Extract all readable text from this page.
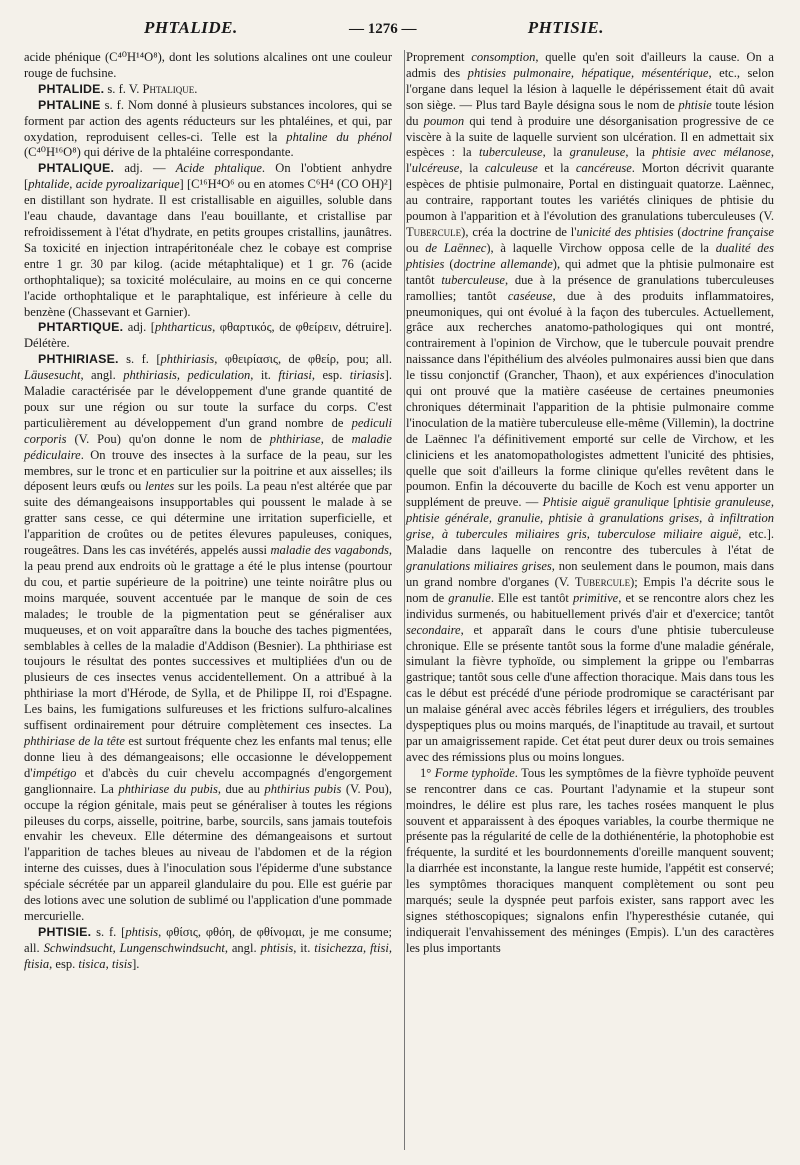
PHTALIDE.	— 1276 —	PHTISIE.

acide phénique (C⁴⁰H¹⁴O⁸), dont les solutions alcalines ont une couleur rouge de fuchsine.

PHTALIDE. s. f. V. Phtalique.

PHTALINE s. f. Nom donné à plusieurs substances incolores, qui se forment par action des agents réducteurs sur les phtaléines, et qui, par oxydation, reproduisent celles-ci. Telle est la phtaline du phénol (C⁴⁰H¹⁶O⁸) qui dérive de la phtaléine correspondante.

PHTALIQUE. adj. — Acide phtalique. On l'obtient anhydre [phtalide, acide pyroalizarique] [C¹⁶H⁴O⁶ ou en atomes C⁶H⁴ (CO OH)²] en distillant son hydrate. Il est cristallisable en aiguilles, soluble dans l'eau chaude, davantage dans l'eau bouillante, et cristallise par refroidissement à l'état d'hydrate, en petits groupes cristallins, jaunâtres. Sa toxicité en injection intrapéritonéale chez le cobaye est comprise entre 1 gr. 30 par kilog. (acide métaphtalique) et 1 gr. 76 (acide orthophtalique); sa toxicité moléculaire, au moins en ce qui concerne l'acide orthophtalique et le paraphtalique, est inférieure à celle du benzène (Chassevant et Garnier).

PHTARTIQUE. adj. [phtharticus, φθαρτικός, de φθείρειν, détruire]. Délétère.

PHTHIRIASE. s. f. [phthiriasis, φθειρίασις, de φθείρ, pou; all. Läusesucht, angl. phthiriasis, pediculation, it. ftiriasi, esp. tiriasis]. Maladie caractérisée par le développement d'une grande quantité de poux sur une région ou sur toute la surface du corps. C'est particulièrement au développement d'un grand nombre de pediculi corporis (V. Pou) qu'on donne le nom de phthiriase, de maladie pédiculaire. On trouve des insectes à la surface de la peau, sur les membres, sur le tronc et en particulier sur la poitrine et aux aisselles; ils déposent leurs œufs ou lentes sur les poils. La peau n'est altérée que par suite des démangeaisons insupportables qui poussent le malade à se gratter sans cesse, ce qui détermine une irritation superficielle, et l'apparition de croûtes ou de petites élevures papuleuses, coniques, rougeâtres. Dans les cas invétérés, appelés aussi maladie des vagabonds, la peau prend aux endroits où le grattage a été le plus intense (pourtour du cou, et partie supérieure de la poitrine) une teinte noirâtre plus ou moins marquée, souvent accentuée par le manque de soin de ces malades; le trouble de la pigmentation peut se généraliser aux muqueuses, et on voit apparaître dans la bouche des taches pigmentées, semblables à celles de la maladie d'Addison (Besnier). La phthiriase est toujours le résultat des pontes successives et multipliées d'un ou de plusieurs de ces insectes venus accidentellement. On a attribué à la phthiriase la mort d'Hérode, de Sylla, et de Philippe II, roi d'Espagne. Les bains, les fumigations sulfureuses et les frictions sulfuro-alcalines suffisent ordinairement pour détruire complètement ces insectes. La phthiriase de la tête est surtout fréquente chez les enfants mal tenus; elle donne lieu à des démangeaisons; elle occasionne le développement d'impétigo et d'abcès du cuir chevelu accompagnés d'engorgement ganglionnaire. La phthiriase du pubis, due au phthirius pubis (V. Pou), occupe la région génitale, mais peut se généraliser à toutes les régions pileuses du corps, aisselle, poitrine, barbe, sourcils, sans jamais toutefois envahir les cheveux. Elle détermine des démangeaisons et surtout l'apparition de taches bleues au niveau de l'abdomen et de la région interne des cuisses, dues à l'inoculation sous l'épiderme d'une substance spéciale sécrétée par un appareil glandulaire du pou. Elle est guérie par des lotions avec une solution de sublimé ou l'application d'une pommade mercurielle.

PHTISIE. s. f. [phtisis, φθίσις, φθόη, de φθίνομαι, je me consume; all. Schwindsucht, Lungenschwindsucht, angl. phtisis, it. tisichezza, ftisi, ftisia, esp. tisica, tisis].

Proprement consomption, quelle qu'en soit d'ailleurs la cause. On a admis des phtisies pulmonaire, hépatique, mésentérique, etc., selon l'organe dans lequel la lésion à laquelle le dépérissement était dû avait son siège. — Plus tard Bayle désigna sous le nom de phtisie toute lésion du poumon qui tend à produire une désorganisation progressive de ce viscère à la suite de laquelle survient son ulcération. Il en admettait six espèces : la tuberculeuse, la granuleuse, la phtisie avec mélanose, l'ulcéreuse, la calculeuse et la cancéreuse. Morton décrivit quarante espèces de phtisie pulmonaire, Portal en distinguait quatorze. Laënnec, au contraire, rapportant toutes les variétés cliniques de phtisie du poumon à l'apparition et à l'évolution des granulations tuberculeuses (V. Tubercule), créa la doctrine de l'unicité des phtisies (doctrine française ou de Laënnec), à laquelle Virchow opposa celle de la dualité des phtisies (doctrine allemande), qui admet que la phtisie pulmonaire est tantôt tuberculeuse, due à la présence de granulations tuberculeuses ramollies; tantôt caséeuse, due à des produits inflammatoires, pneumoniques, qui ont évolué à la façon des tubercules. Actuellement, grâce aux recherches anatomo-pathologiques qui ont montré, contrairement à l'opinion de Virchow, que le tubercule pouvait prendre naissance dans l'épithélium des alvéoles pulmonaires aussi bien que dans le tissu conjonctif (Grancher, Thaon), et aux expériences d'inoculation qui ont prouvé que la matière caséeuse de certaines pneumonies chroniques déterminait l'apparition de la phtisie pulmonaire comme l'inoculation de la matière tuberculeuse elle-même (Villemin), la doctrine de Laënnec l'a définitivement emporté sur celle de Virchow, et les cliniciens et les anatomopathologistes admettent l'unicité des phtisies, quelle que soit d'ailleurs la forme clinique qu'elles revêtent dans le poumon. Enfin la découverte du bacille de Koch est venu apporter un supplément de preuve. — Phtisie aiguë granulique [phtisie granuleuse, phtisie générale, granulie, phtisie à granulations grises, à infiltration grise, à tubercules miliaires gris, tuberculose miliaire aiguë, etc.]. Maladie dans laquelle on rencontre des tubercules à l'état de granulations miliaires grises, non seulement dans le poumon, mais dans un grand nombre d'organes (V. Tubercule); Empis l'a décrite sous le nom de granulie. Elle est tantôt primitive, et se rencontre alors chez les individus surmenés, ou habituellement privés d'air et d'exercice; tantôt secondaire, et apparaît dans le cours d'une phtisie tuberculeuse chronique. Elle se présente tantôt sous la forme d'une maladie générale, simulant la fièvre typhoïde, ou simplement la grippe ou l'embarras gastrique; tantôt sous celle d'une affection thoracique. Mais dans tous les cas le début est précédé d'une période prodromique se caractérisant par un malaise général avec accès fébriles légers et irréguliers, des troubles dyspeptiques plus ou moins marqués, de l'inaptitude au travail, et surtout par un amaigrissement rapide. Cet état peut durer deux ou trois semaines avec des rémissions plus ou moins longues.

1° Forme typhoïde. Tous les symptômes de la fièvre typhoïde peuvent se rencontrer dans ce cas. Pourtant l'adynamie et la stupeur sont moindres, le délire est plus rare, les taches rosées manquent le plus souvent et apparaissent à des époques variables, la courbe thermique ne présente pas la régularité de celle de la dothiénentérie, la photophobie est fréquente, la surdité et les bourdonnements d'oreille manquent souvent; la diarrhée est inconstante, la langue reste humide, l'appétit est conservé; les symptômes thoraciques manquent complètement ou sont peu marqués; seule la dyspnée peut parfois exister, sans rapport avec les signes stéthoscopiques; signalons enfin l'hyperesthésie cutanée, qui indiquerait l'envahissement des méninges (Empis). L'un des caractères les plus importants
